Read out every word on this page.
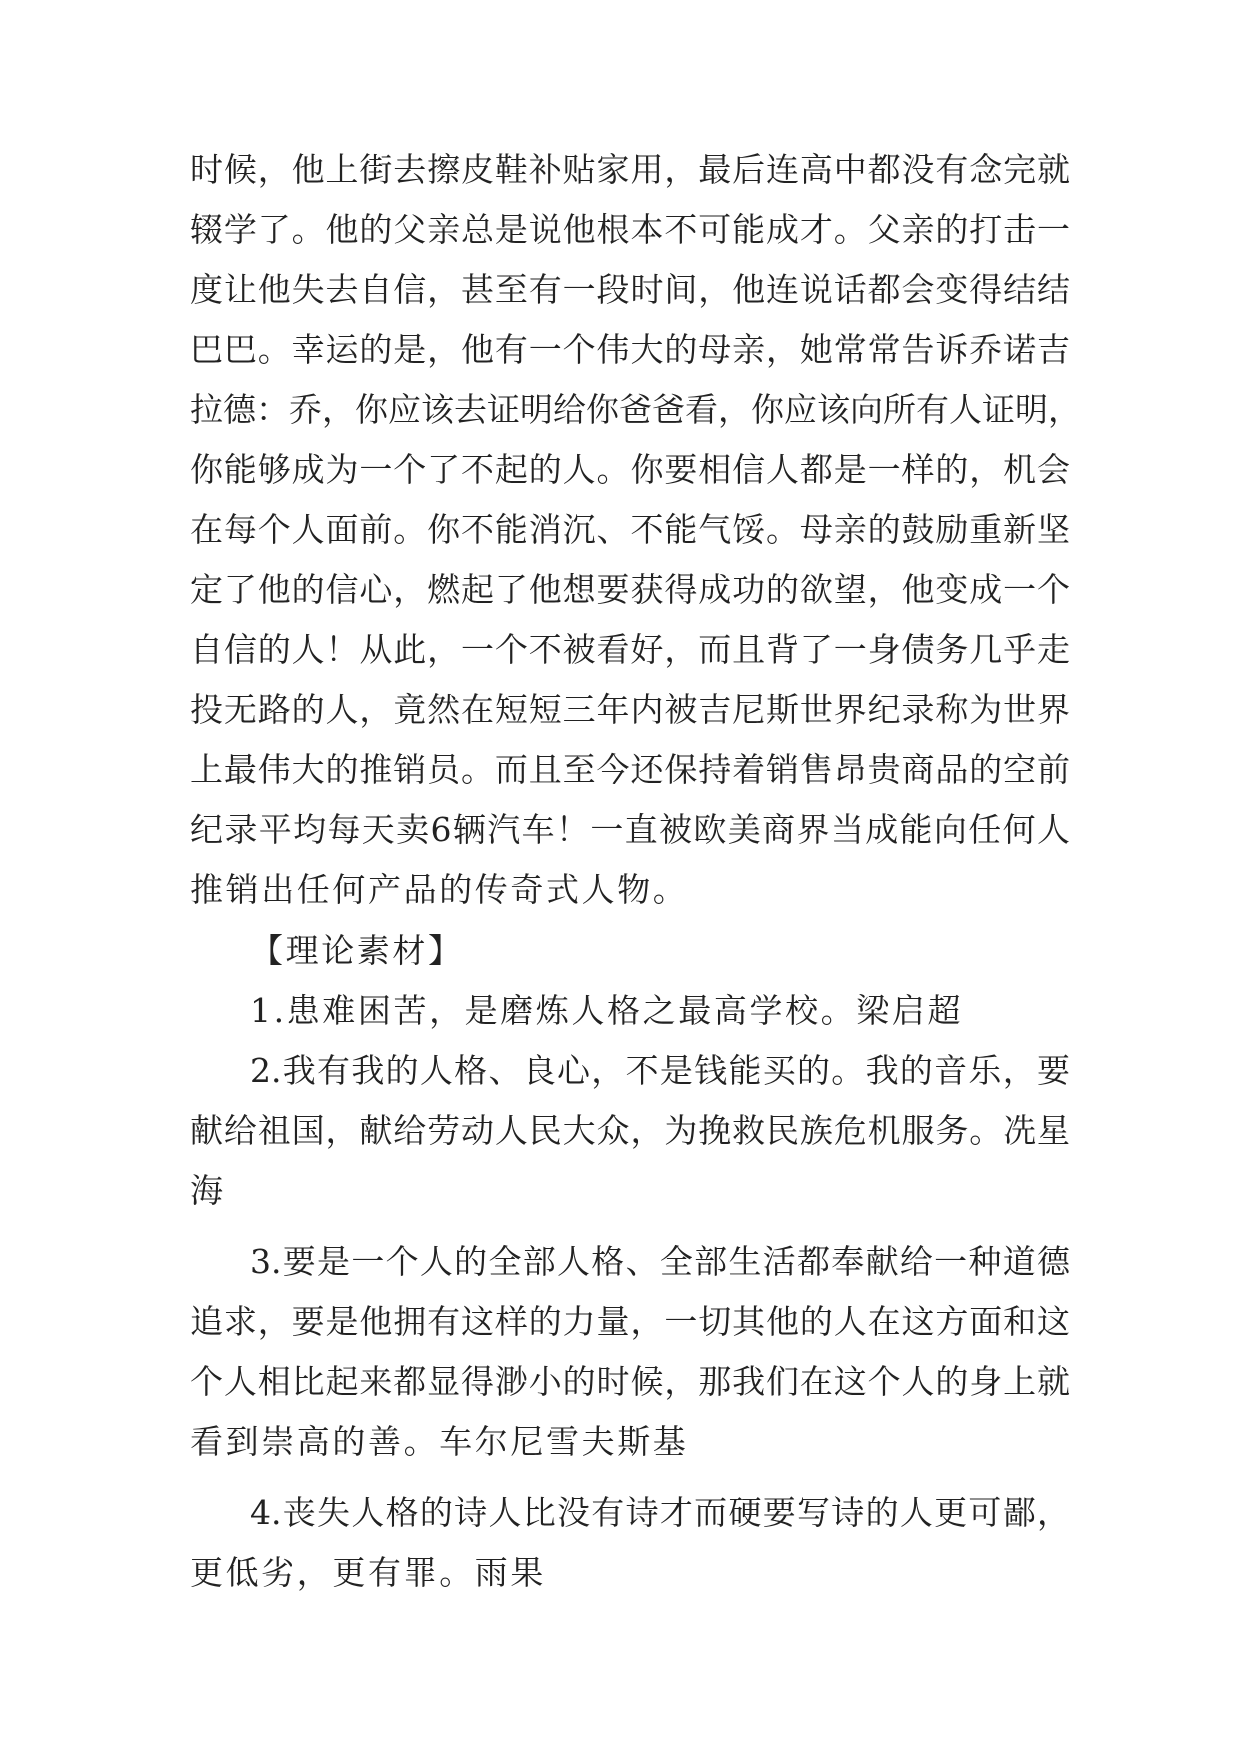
时候，他上街去擦皮鞋补贴家用，最后连高中都没有念完就
辍学了。他的父亲总是说他根本不可能成才。父亲的打击一
度让他失去自信，甚至有一段时间，他连说话都会变得结结
巴巴。幸运的是，他有一个伟大的母亲，她常常告诉乔诺吉
拉德：乔，你应该去证明给你爸爸看，你应该向所有人证明，
你能够成为一个了不起的人。你要相信人都是一样的，机会
在每个人面前。你不能消沉、不能气馁。母亲的鼓励重新坚
定了他的信心，燃起了他想要获得成功的欲望，他变成一个
自信的人！从此，一个不被看好，而且背了一身债务几乎走
投无路的人，竟然在短短三年内被吉尼斯世界纪录称为世界
上最伟大的推销员。而且至今还保持着销售昂贵商品的空前
纪录平均每天卖6辆汽车！一直被欧美商界当成能向任何人
推销出任何产品的传奇式人物。
【理论素材】
1.患难困苦，是磨炼人格之最高学校。梁启超
2.我有我的人格、良心，不是钱能买的。我的音乐，要
献给祖国，献给劳动人民大众，为挽救民族危机服务。冼星
海
3.要是一个人的全部人格、全部生活都奉献给一种道德
追求，要是他拥有这样的力量，一切其他的人在这方面和这
个人相比起来都显得渺小的时候，那我们在这个人的身上就
看到崇高的善。车尔尼雪夫斯基
4.丧失人格的诗人比没有诗才而硬要写诗的人更可鄙，
更低劣，更有罪。雨果
